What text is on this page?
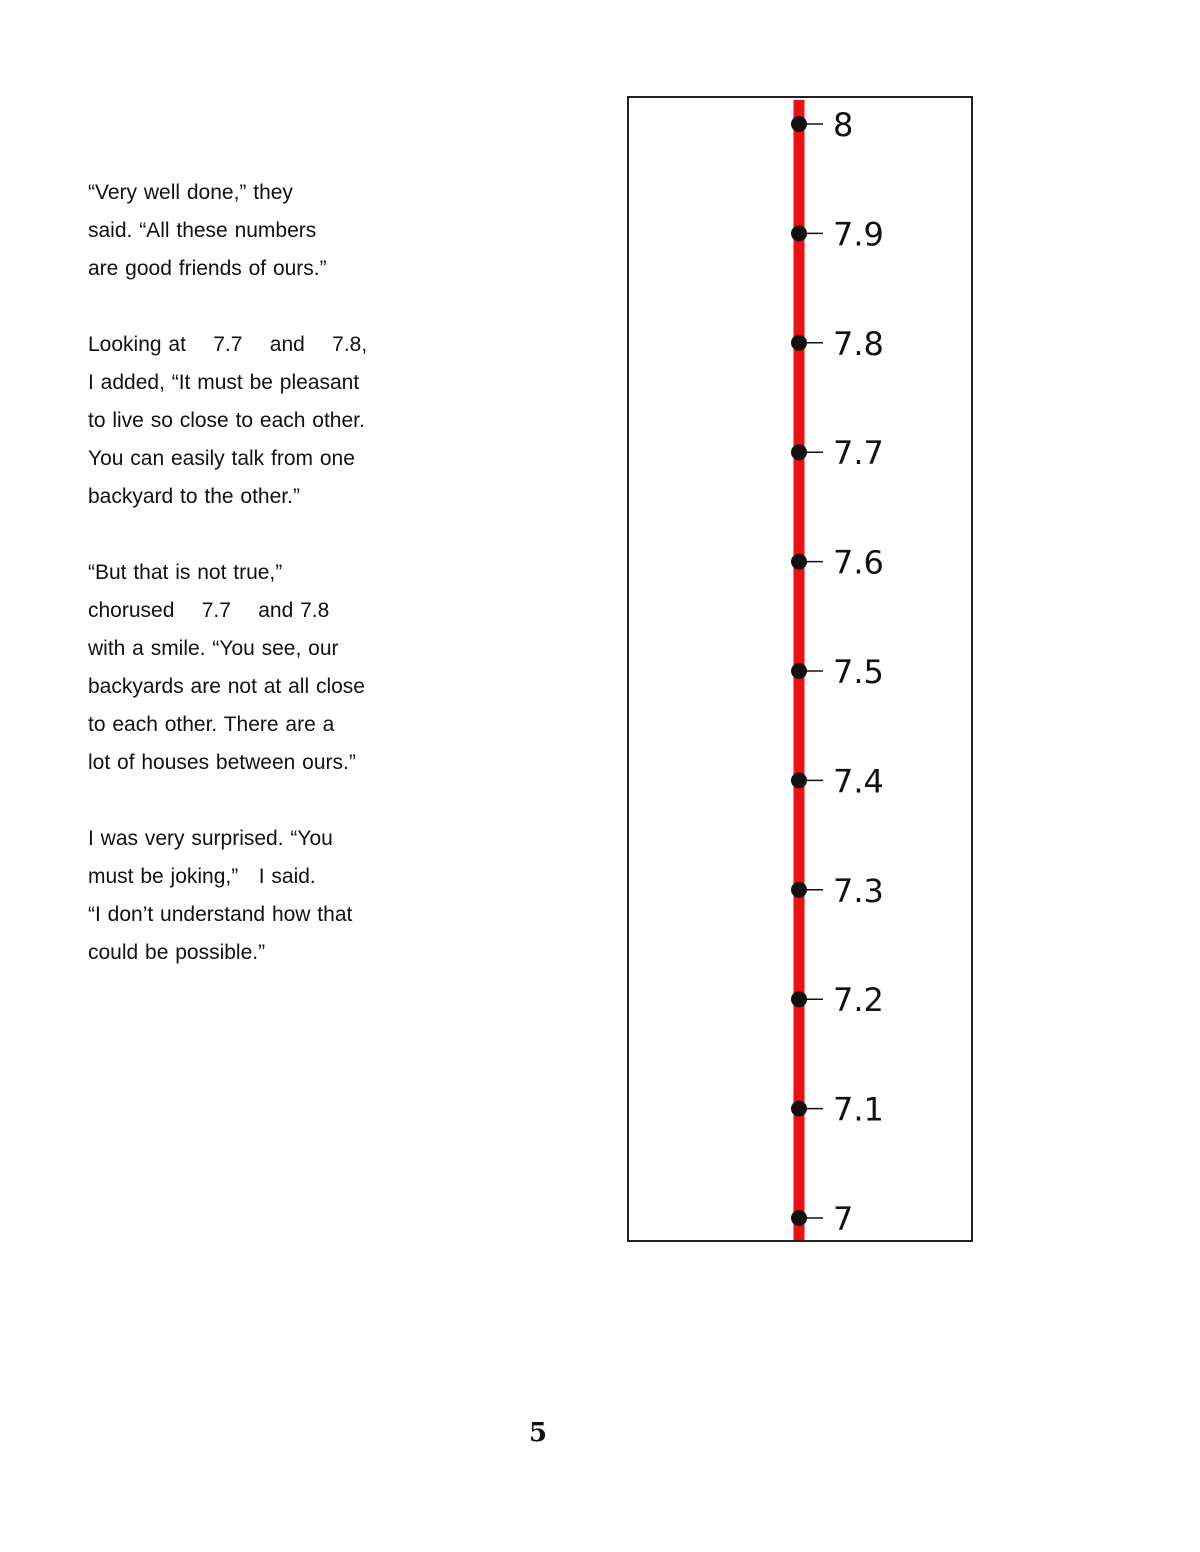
“Very well done,” they
said. “All these numbers
are good friends of ours.”

Looking at    7.7    and    7.8,
I added, “It must be pleasant
to live so close to each other.
You can easily talk from one
backyard to the other.”

“But that is not true,”
chorused    7.7    and 7.8
with a smile. “You see, our
backyards are not at all close
to each other. There are a
lot of houses between ours.”

I was very surprised. “You
must be joking,”   I said.
“I don’t understand how that
could be possible.”

8
7.9
7.8
7.7
7.6
7.5
7.4
7.3
7.2
7.1
7
5
